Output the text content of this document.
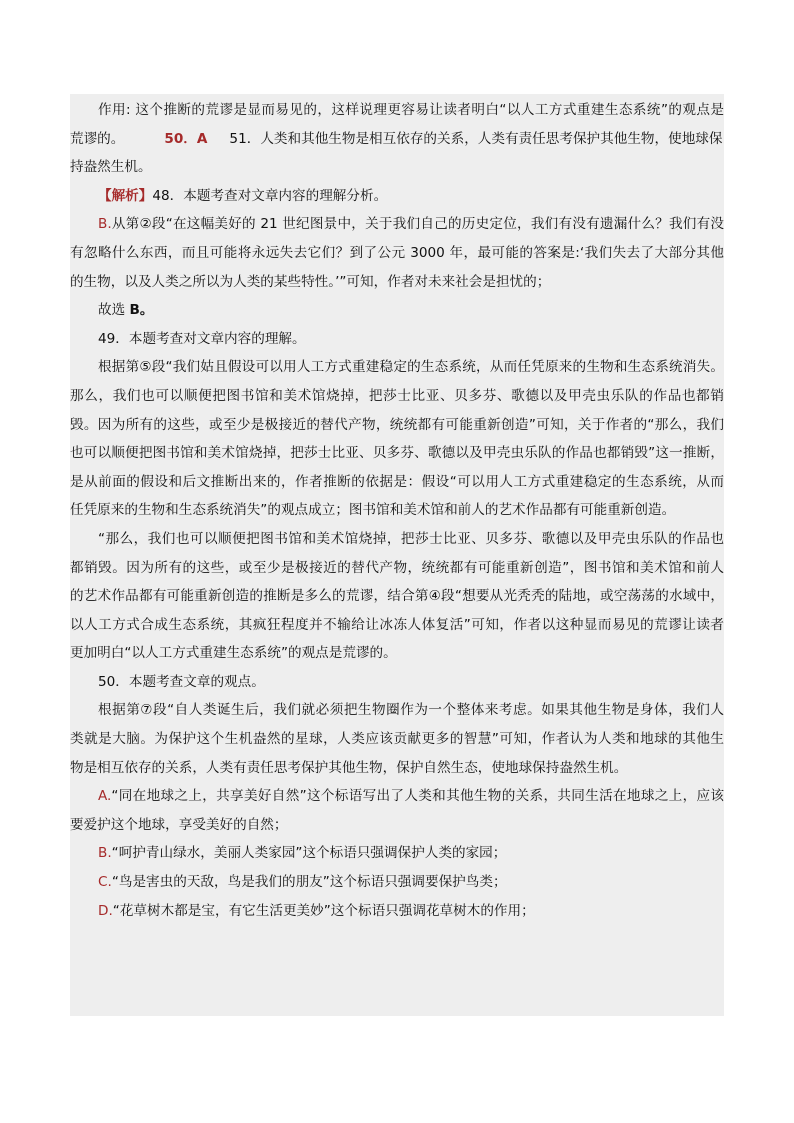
作用: 这个推断的荒谬是显而易见的，这样说理更容易让读者明白“以人工方式重建生态系统”的观点是

荒谬的。	50．A 51．人类和其他生物是相互依存的关系，人类有责任思考保护其他生物，使地球保

持盎然生机。

【解析】48．本题考查对文章内容的理解分析。

B.从第②段“在这幅美好的 21 世纪图景中，关于我们自己的历史定位，我们有没有遗漏什么？我们有没

有忽略什么东西，而且可能将永远失去它们？到了公元 3000 年，最可能的答案是:‘我们失去了大部分其他

的生物，以及人类之所以为人类的某些特性。’”可知，作者对未来社会是担忧的；

故选 B。

49．本题考查对文章内容的理解。

根据第⑤段“我们姑且假设可以用人工方式重建稳定的生态系统，从而任凭原来的生物和生态系统消失。

那么，我们也可以顺便把图书馆和美术馆烧掉，把莎士比亚、贝多芬、歌德以及甲壳虫乐队的作品也都销

毁。因为所有的这些，或至少是极接近的替代产物，统统都有可能重新创造”可知，关于作者的“那么，我们

也可以顺便把图书馆和美术馆烧掉，把莎士比亚、贝多芬、歌德以及甲壳虫乐队的作品也都销毁”这一推断，

是从前面的假设和后文推断出来的，作者推断的依据是：假设“可以用人工方式重建稳定的生态系统，从而

任凭原来的生物和生态系统消失”的观点成立；图书馆和美术馆和前人的艺术作品都有可能重新创造。

“那么，我们也可以顺便把图书馆和美术馆烧掉，把莎士比亚、贝多芬、歌德以及甲壳虫乐队的作品也

都销毁。因为所有的这些，或至少是极接近的替代产物，统统都有可能重新创造”，图书馆和美术馆和前人

的艺术作品都有可能重新创造的推断是多么的荒谬，结合第④段“想要从光秃秃的陆地，或空荡荡的水域中，

以人工方式合成生态系统，其疯狂程度并不输给让冰冻人体复活”可知，作者以这种显而易见的荒谬让读者

更加明白“以人工方式重建生态系统”的观点是荒谬的。

50．本题考查文章的观点。

根据第⑦段“自人类诞生后，我们就必须把生物圈作为一个整体来考虑。如果其他生物是身体，我们人

类就是大脑。为保护这个生机盎然的星球，人类应该贡献更多的智慧”可知，作者认为人类和地球的其他生

物是相互依存的关系，人类有责任思考保护其他生物，保护自然生态，使地球保持盎然生机。

A.“同在地球之上，共享美好自然”这个标语写出了人类和其他生物的关系，共同生活在地球之上，应该

要爱护这个地球，享受美好的自然；

B.“呵护青山绿水，美丽人类家园”这个标语只强调保护人类的家园；

C.“鸟是害虫的天敌，鸟是我们的朋友”这个标语只强调要保护鸟类；

D.“花草树木都是宝，有它生活更美妙”这个标语只强调花草树木的作用；
